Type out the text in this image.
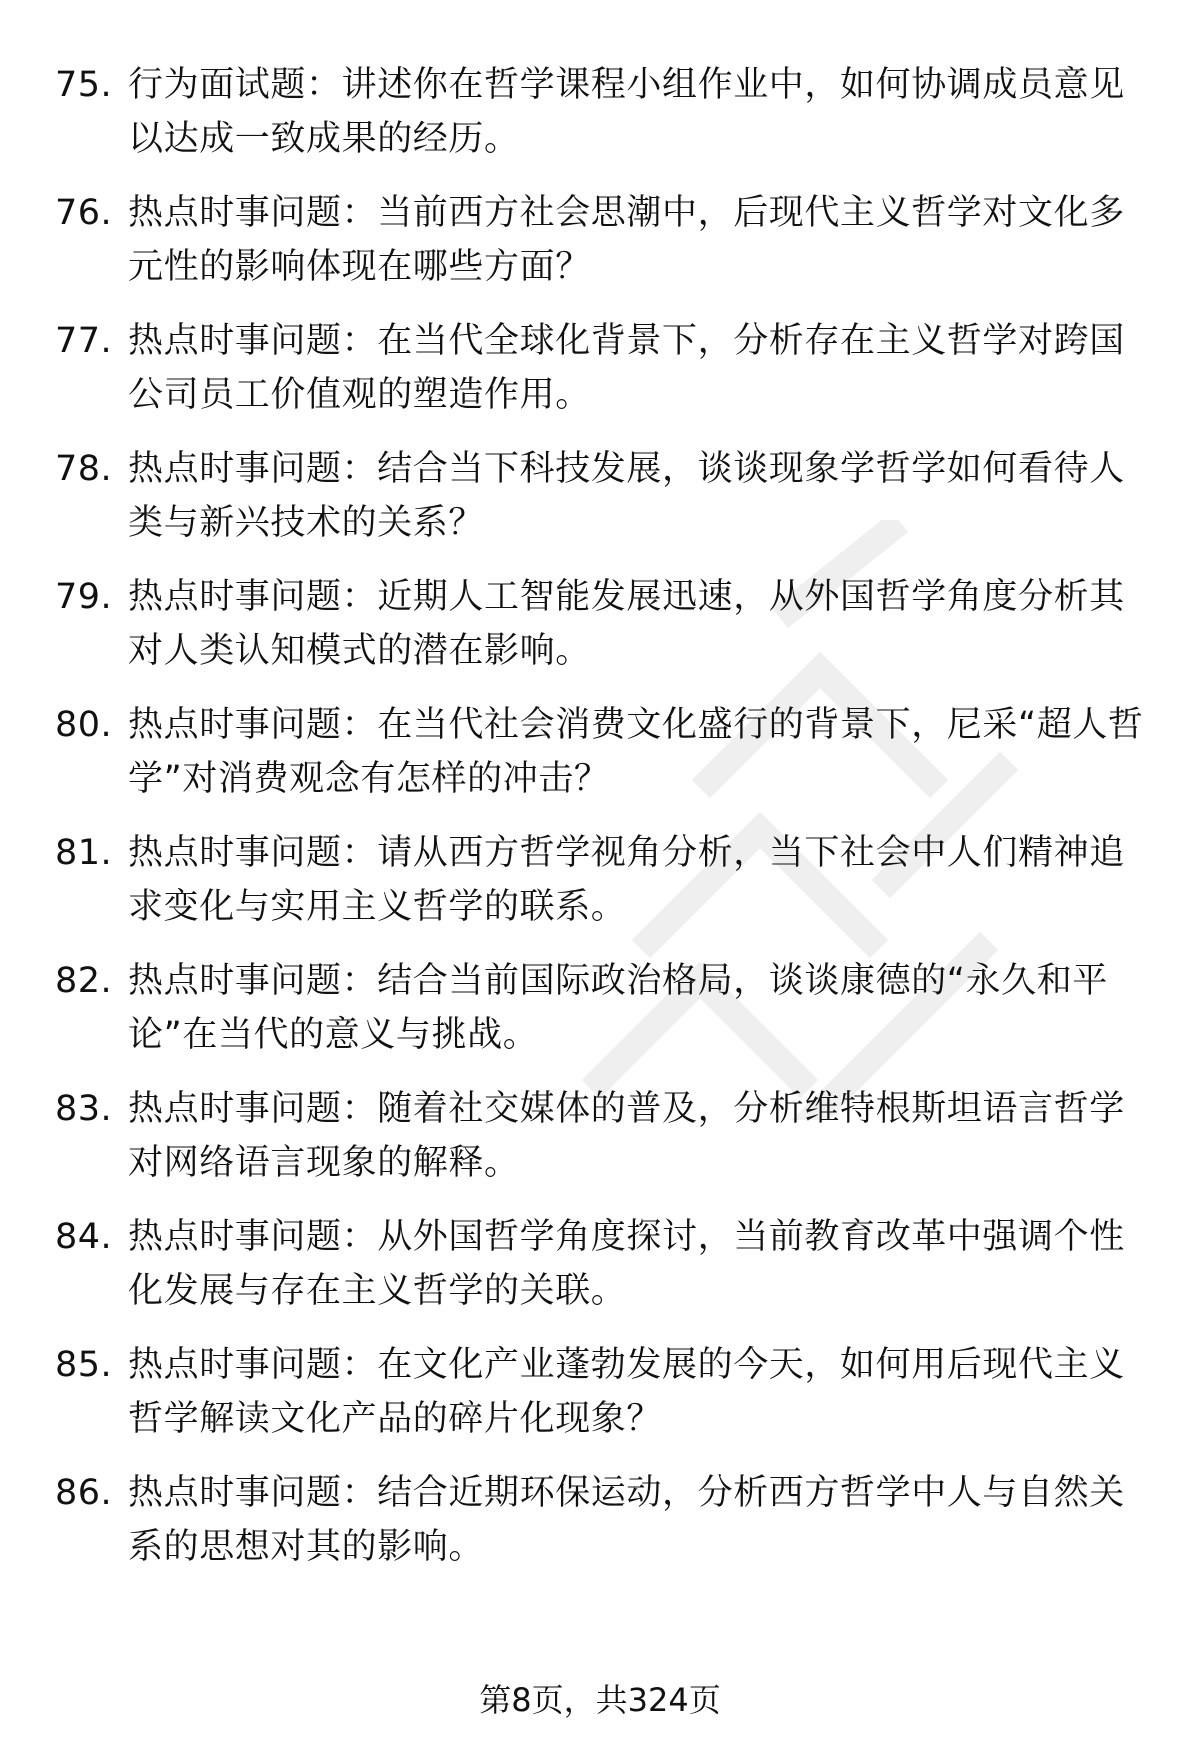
75. 行为面试题：讲述你在哲学课程小组作业中，如何协调成员意见以达成一致成果的经历。
76. 热点时事问题：当前西方社会思潮中，后现代主义哲学对文化多元性的影响体现在哪些方面？
77. 热点时事问题：在当代全球化背景下，分析存在主义哲学对跨国公司员工价值观的塑造作用。
78. 热点时事问题：结合当下科技发展，谈谈现象学哲学如何看待人类与新兴技术的关系？
79. 热点时事问题：近期人工智能发展迅速，从外国哲学角度分析其对人类认知模式的潜在影响。
80. 热点时事问题：在当代社会消费文化盛行的背景下，尼采“超人哲学”对消费观念有怎样的冲击？
81. 热点时事问题：请从西方哲学视角分析，当下社会中人们精神追求变化与实用主义哲学的联系。
82. 热点时事问题：结合当前国际政治格局，谈谈康德的“永久和平论”在当代的意义与挑战。
83. 热点时事问题：随着社交媒体的普及，分析维特根斯坦语言哲学对网络语言现象的解释。
84. 热点时事问题：从外国哲学角度探讨，当前教育改革中强调个性化发展与存在主义哲学的关联。
85. 热点时事问题：在文化产业蓬勃发展的今天，如何用后现代主义哲学解读文化产品的碎片化现象？
86. 热点时事问题：结合近期环保运动，分析西方哲学中人与自然关系的思想对其的影响。
第8页，共324页
